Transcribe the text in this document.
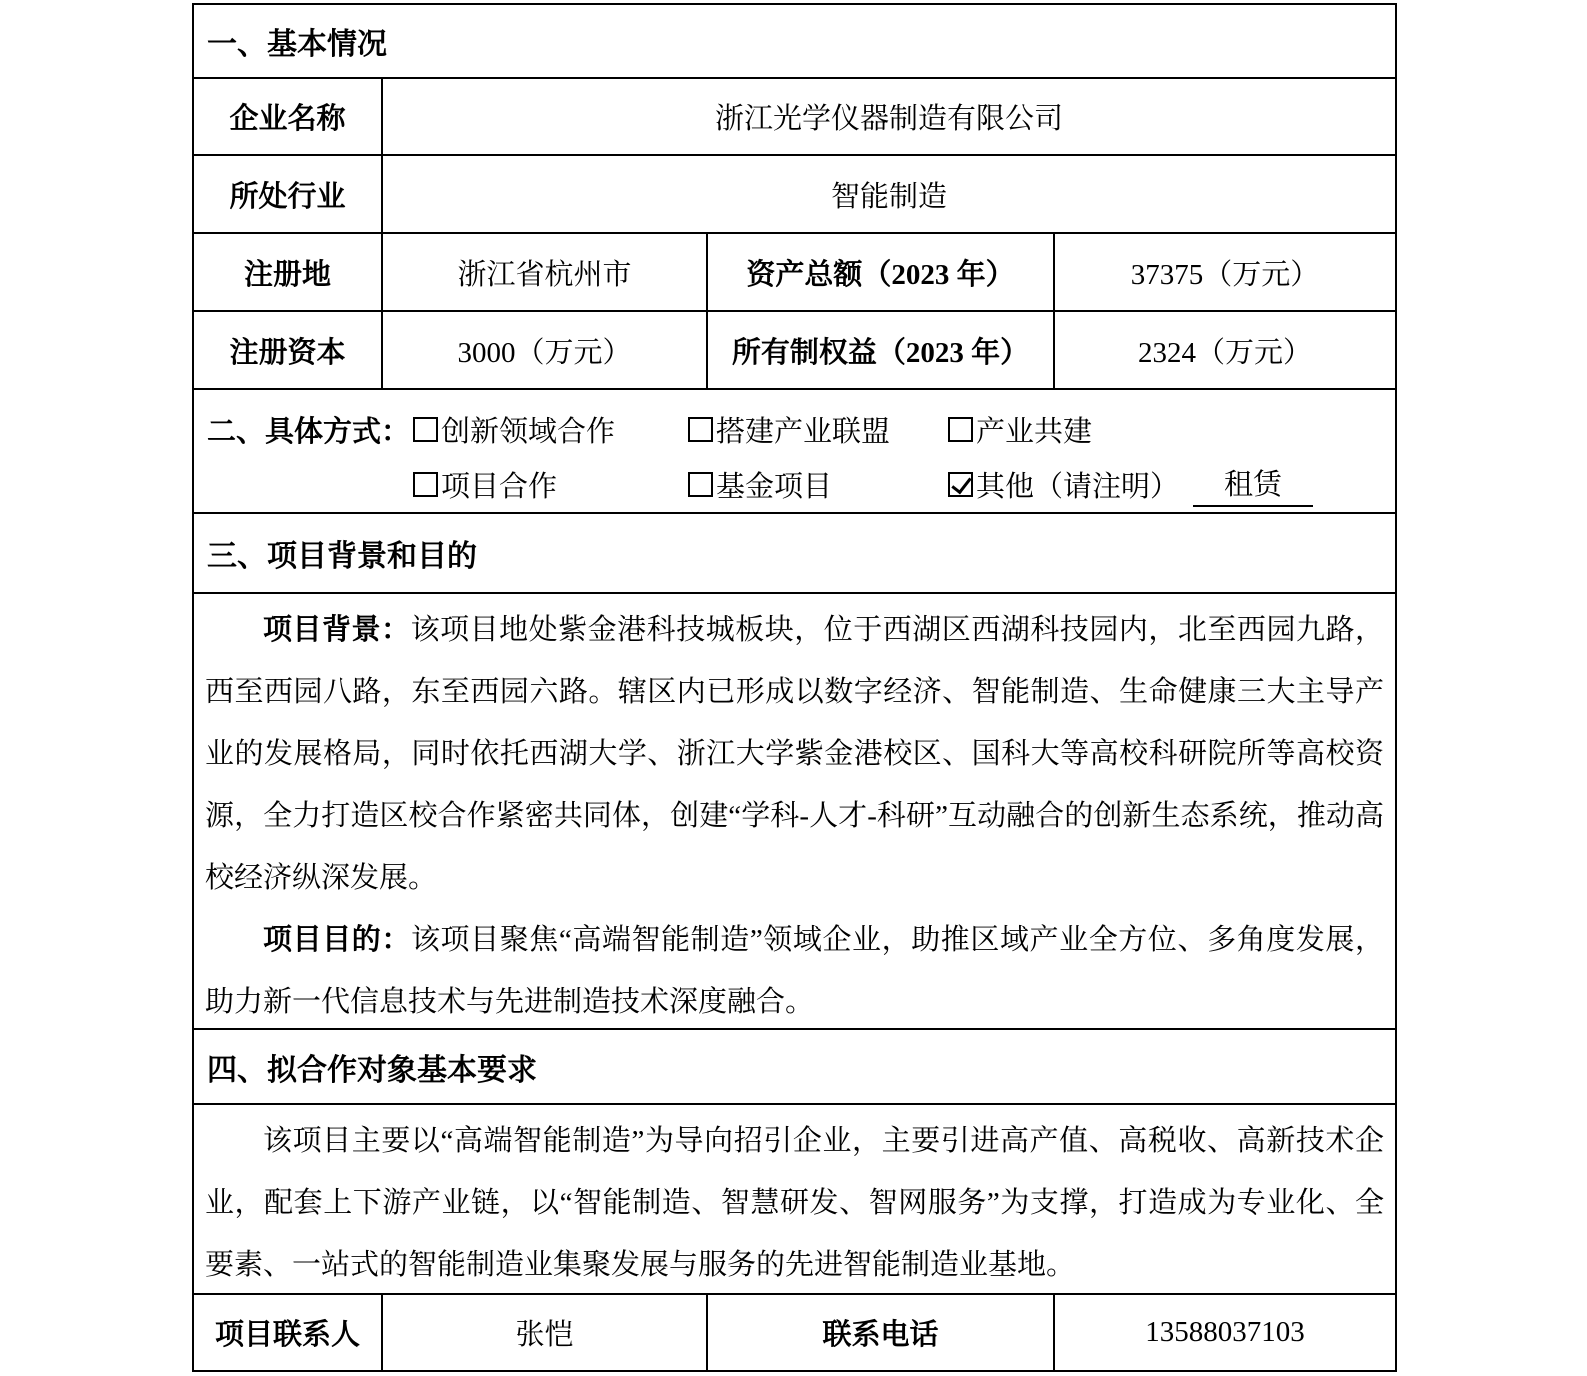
一、基本情况
企业名称	浙江光学仪器制造有限公司
所处行业	智能制造
注册地	浙江省杭州市	资产总额（2023 年）	37375（万元）
注册资本	3000（万元）	所有制权益（2023 年）	2324（万元）
二、具体方式： 创新领域合作	搭建产业联盟	产业共建
项目合作	基金项目	其他（请注明）	租赁
三、项目背景和目的

项目背景：该项目地处紫金港科技城板块，位于西湖区西湖科技园内，北至西园九路，西至西园八路，东至西园六路。辖区内已形成以数字经济、智能制造、生命健康三大主导产业的发展格局，同时依托西湖大学、浙江大学紫金港校区、国科大等高校科研院所等高校资源，全力打造区校合作紧密共同体，创建“学科-人才-科研”互动融合的创新生态系统，推动高校经济纵深发展。

项目目的：该项目聚焦“高端智能制造”领域企业，助推区域产业全方位、多角度发展，助力新一代信息技术与先进制造技术深度融合。

四、拟合作对象基本要求

该项目主要以“高端智能制造”为导向招引企业，主要引进高产值、高税收、高新技术企业，配套上下游产业链，以“智能制造、智慧研发、智网服务”为支撑，打造成为专业化、全要素、一站式的智能制造业集聚发展与服务的先进智能制造业基地。

项目联系人	张恺	联系电话	13588037103
